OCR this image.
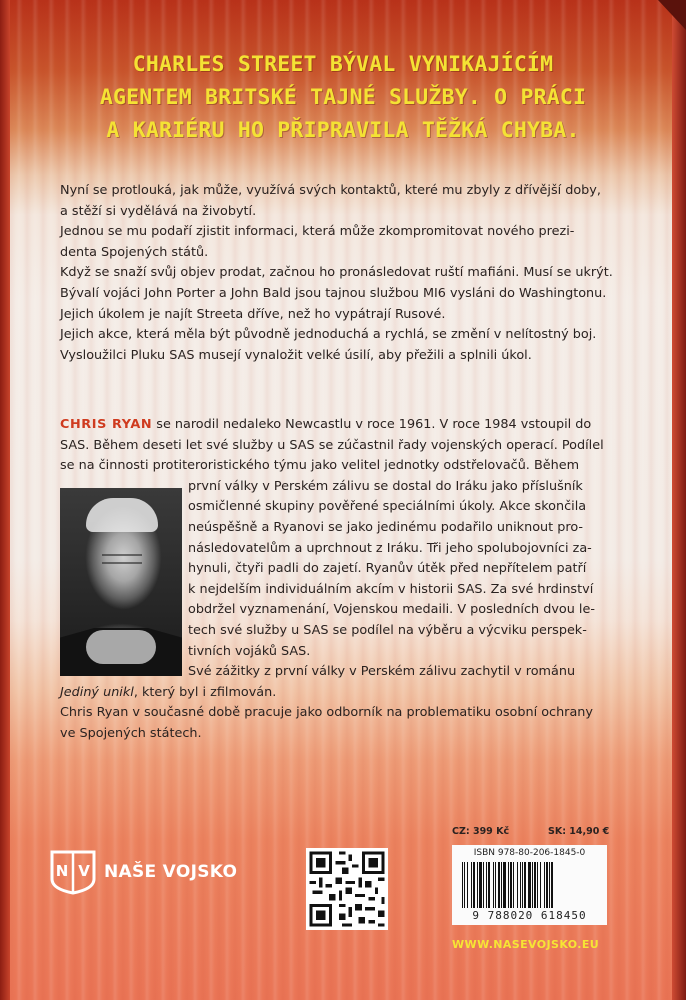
CHARLES STREET BÝVAL VYNIKAJÍCÍM
AGENTEM BRITSKÉ TAJNÉ SLUŽBY. O PRÁCI
A KARIÉRU HO PŘIPRAVILA TĚŽKÁ CHYBA.
Nyní se protlouká, jak může, využívá svých kontaktů, které mu zbyly z dřívější doby,
a stěží si vydělává na živobytí.
Jednou se mu podaří zjistit informaci, která může zkompromitovat nového prezi-
denta Spojených států.
Když se snaží svůj objev prodat, začnou ho pronásledovat ruští mafiáni. Musí se ukrýt.
Bývalí vojáci John Porter a John Bald jsou tajnou službou MI6 vysláni do Washingtonu.
Jejich úkolem je najít Streeta dříve, než ho vypátrají Rusové.
Jejich akce, která měla být původně jednoduchá a rychlá, se změní v nelítostný boj.
Vysloužilci Pluku SAS musejí vynaložit velké úsilí, aby přežili a splnili úkol.
CHRIS RYAN se narodil nedaleko Newcastlu v roce 1961. V roce 1984 vstoupil do
SAS. Během deseti let své služby u SAS se zúčastnil řady vojenských operací. Podílel
se na činnosti protiteroristického týmu jako velitel jednotky odstřelovačů. Během
první války v Perském zálivu se dostal do Iráku jako příslušník
osmičlenné skupiny pověřené speciálními úkoly. Akce skončila
neúspěšně a Ryanovi se jako jedinému podařilo uniknout pro-
následovatelům a uprchnout z Iráku. Tři jeho spolubojovníci za-
hynuli, čtyři padli do zajetí. Ryanův útěk před nepřítelem patří
k nejdelším individuálním akcím v historii SAS. Za své hrdinství
obdržel vyznamenání, Vojenskou medaili. V posledních dvou le-
tech své služby u SAS se podílel na výběru a výcviku perspek-
tivních vojáků SAS.
Své zážitky z první války v Perském zálivu zachytil v románu
Jediný unikl, který byl i zfilmován.
Chris Ryan v současné době pracuje jako odborník na problematiku osobní ochrany
ve Spojených státech.
N V NAŠE VOJSKO
CZ: 399 Kč	SK: 14,90 €
ISBN 978-80-206-1845-0
9 788020 618450
WWW.NASEVOJSKO.EU
